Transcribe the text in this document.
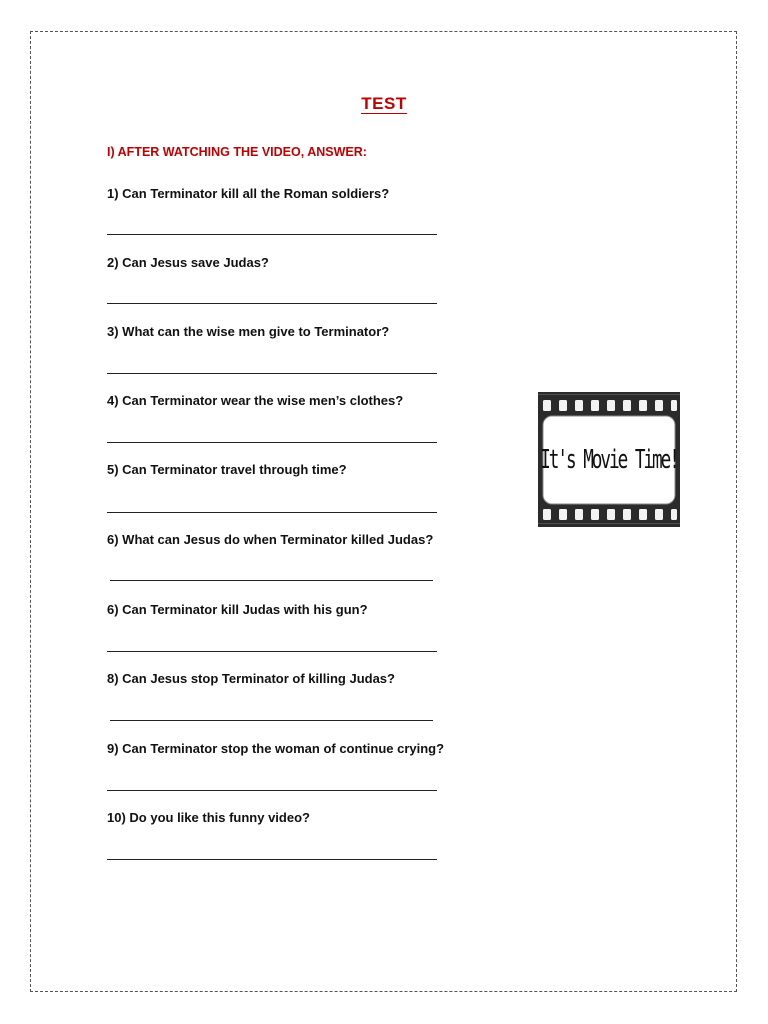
TEST
I) AFTER WATCHING THE VIDEO, ANSWER:
1) Can Terminator kill all the Roman soldiers?
2) Can Jesus save Judas?
3) What can the wise men give to Terminator?
4) Can Terminator wear the wise men’s clothes?
5) Can Terminator travel through time?
6) What can Jesus do when Terminator killed Judas?
6) Can Terminator kill Judas with his gun?
8) Can Jesus stop Terminator of killing Judas?
9) Can Terminator stop the woman of continue crying?
10) Do you like this funny video?
It's Movie Time!
